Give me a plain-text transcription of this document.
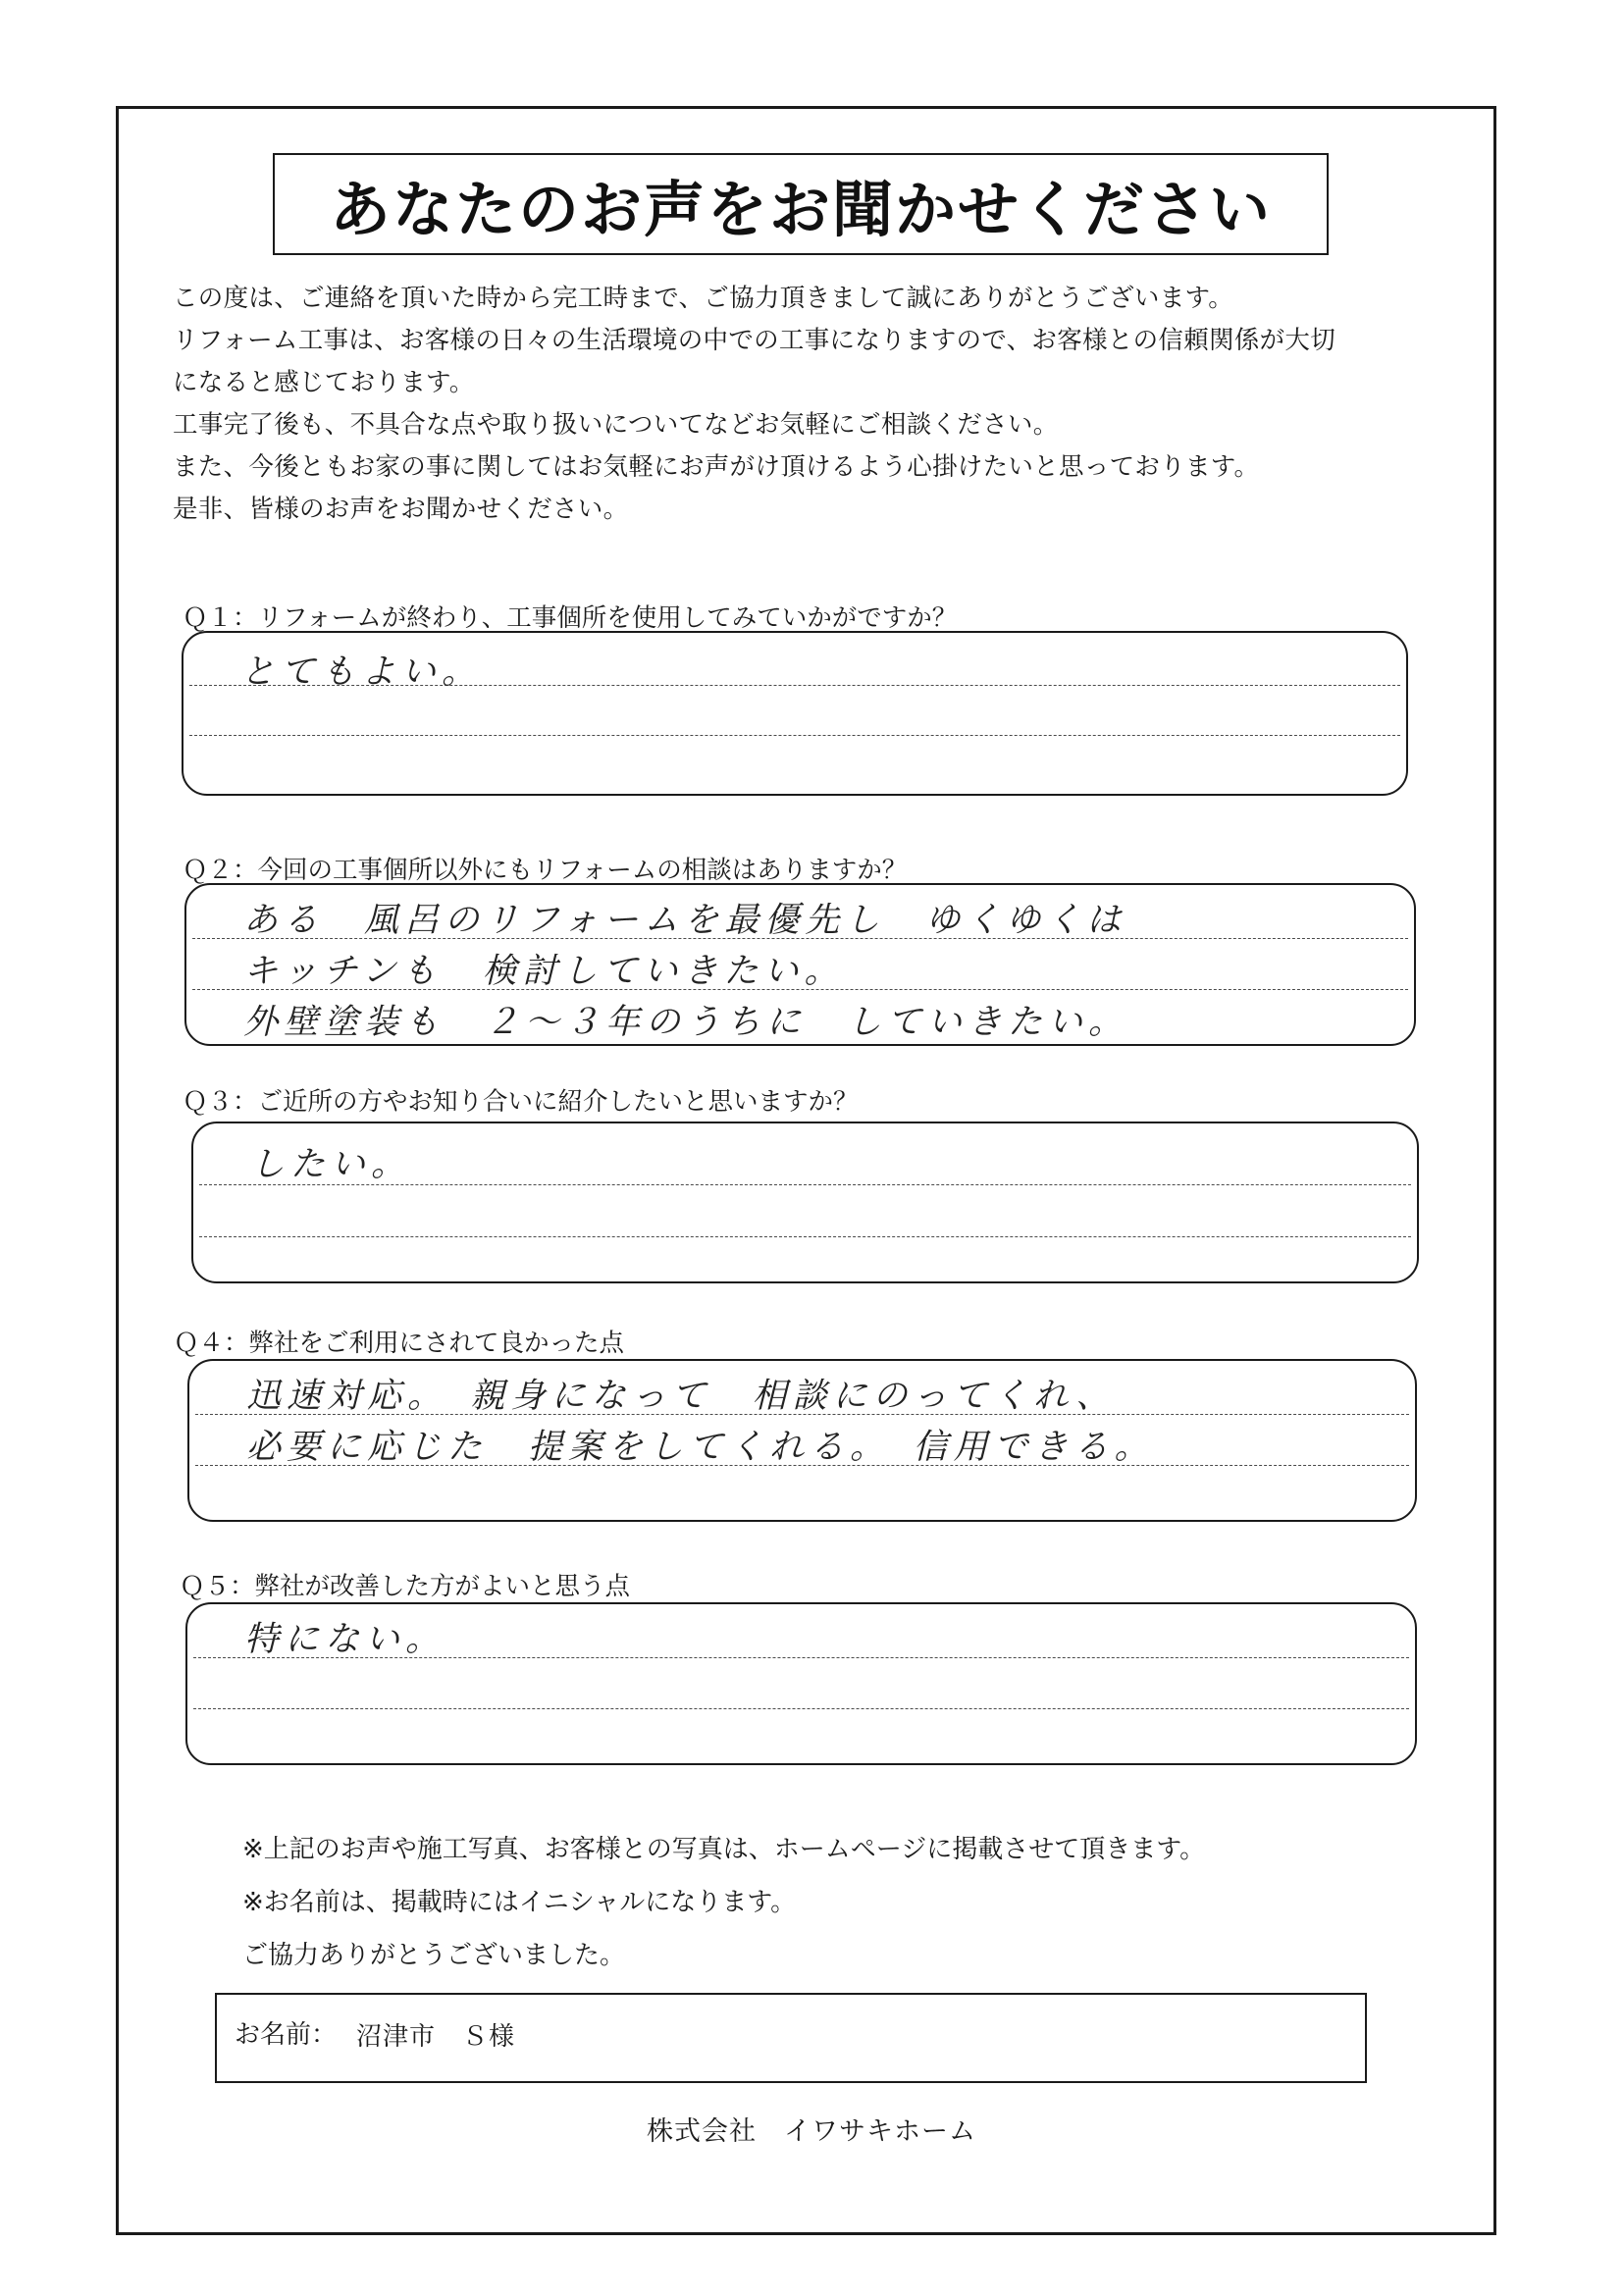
あなたのお声をお聞かせください

この度は、ご連絡を頂いた時から完工時まで、ご協力頂きまして誠にありがとうございます。

リフォーム工事は、お客様の日々の生活環境の中での工事になりますので、お客様との信頼関係が大切

になると感じております。

工事完了後も、不具合な点や取り扱いについてなどお気軽にご相談ください。

また、今後ともお家の事に関してはお気軽にお声がけ頂けるよう心掛けたいと思っております。

是非、皆様のお声をお聞かせください。

Ｑ１：リフォームが終わり、工事個所を使用してみていかがですか？
とてもよい。
Ｑ２：今回の工事個所以外にもリフォームの相談はありますか？
ある　風呂のリフォームを最優先し　ゆくゆくは
キッチンも　検討していきたい。
外壁塗装も　２～３年のうちに　していきたい。
Ｑ３：ご近所の方やお知り合いに紹介したいと思いますか？
したい。
Ｑ４：弊社をご利用にされて良かった点
迅速対応。　親身になって　相談にのってくれ、
必要に応じた　提案をしてくれる。　信用できる。
Ｑ５：弊社が改善した方がよいと思う点
特にない。

※上記のお声や施工写真、お客様との写真は、ホームページに掲載させて頂きます。

※お名前は、掲載時にはイニシャルになります。

ご協力ありがとうございました。

お名前： 沼津市　Ｓ様
株式会社　イワサキホーム
